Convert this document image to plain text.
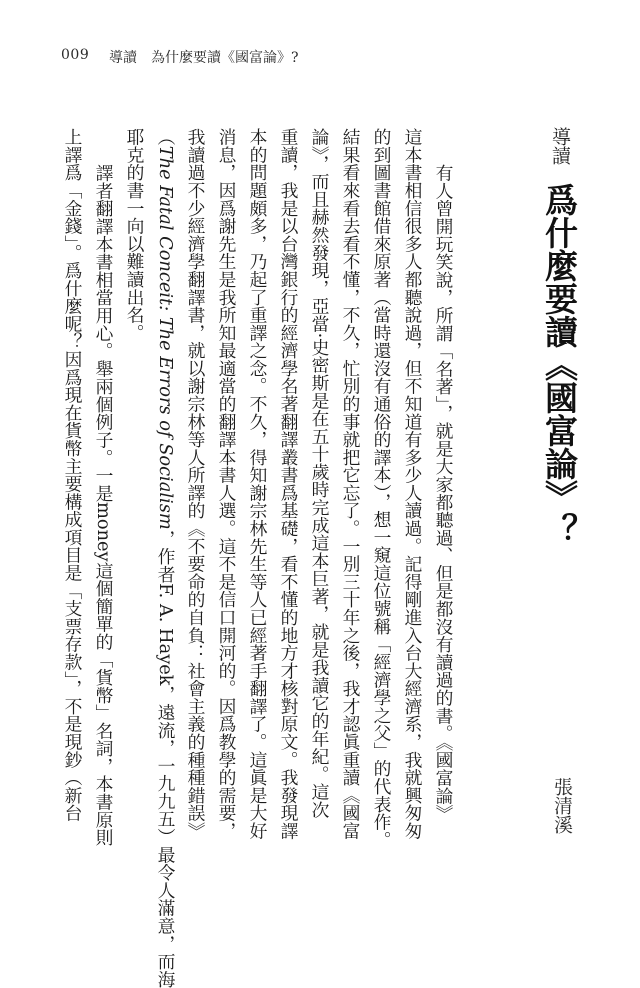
009 導讀　為什麼要讀《國富論》?
導讀
爲什麼要讀《國富論》？
張清溪
有人曾開玩笑說，所謂「名著」，就是大家都聽過、但是都沒有讀過的書。《國富論》
這本書相信很多人都聽說過，但不知道有多少人讀過。記得剛進入台大經濟系，我就興匆匆
的到圖書館借來原著（當時還沒有通俗的譯本），想一窺這位號稱「經濟學之父」的代表作。
結果看來看去看不懂，不久，忙別的事就把它忘了。一別三十年之後，我才認眞重讀《國富
論》，而且赫然發現，亞當·史密斯是在五十歲時完成這本巨著，就是我讀它的年紀。這次
重讀，我是以台灣銀行的經濟學名著翻譯叢書爲基礎，看不懂的地方才核對原文。我發現譯
本的問題頗多，乃起了重譯之念。不久，得知謝宗林先生等人已經著手翻譯了。這眞是大好
消息，因爲謝先生是我所知最適當的翻譯本書人選。這不是信口開河的。因爲教學的需要，
我讀過不少經濟學翻譯書，就以謝宗林等人所譯的《不要命的自負：社會主義的種種錯誤》
（The Fatal Conceit: The Errors of Socialism，作者F. A. Hayek，遠流，一九九五）最令人滿意，而海
耶克的書一向以難讀出名。
譯者翻譯本書相當用心。舉兩個例子。一是money這個簡單的「貨幣」名詞，本書原則
上譯爲「金錢」。爲什麼呢？因爲現在貨幣主要構成項目是「支票存款」，不是現鈔（新台
